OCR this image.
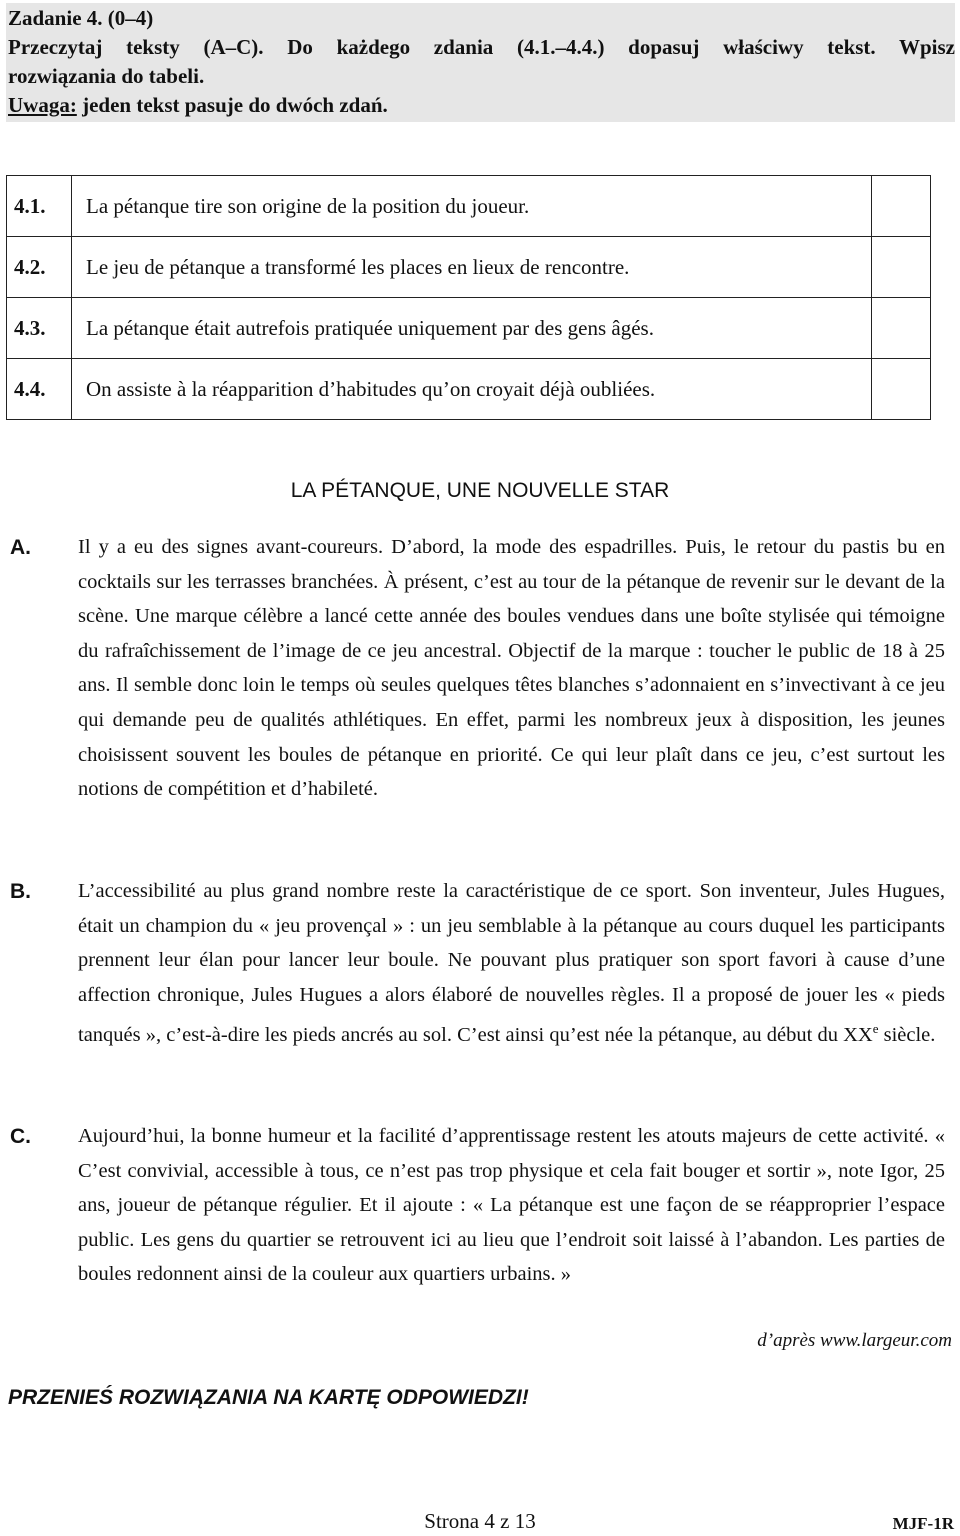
Zadanie 4. (0–4)
Przeczytaj teksty (A–C). Do każdego zdania (4.1.–4.4.) dopasuj właściwy tekst. Wpisz
rozwiązania do tabeli.
Uwaga: jeden tekst pasuje do dwóch zdań.
4.1.	La pétanque tire son origine de la position du joueur.	
4.2.	Le jeu de pétanque a transformé les places en lieux de rencontre.	
4.3.	La pétanque était autrefois pratiquée uniquement par des gens âgés.	
4.4.	On assiste à la réapparition d’habitudes qu’on croyait déjà oubliées.	
LA PÉTANQUE, UNE NOUVELLE STAR
A. Il y a eu des signes avant-coureurs. D’abord, la mode des espadrilles. Puis, le retour du pastis bu en cocktails sur les terrasses branchées. À présent, c’est au tour de la pétanque de revenir sur le devant de la scène. Une marque célèbre a lancé cette année des boules vendues dans une boîte stylisée qui témoigne du rafraîchissement de l’image de ce jeu ancestral. Objectif de la marque : toucher le public de 18 à 25 ans. Il semble donc loin le temps où seules quelques têtes blanches s’adonnaient en s’invectivant à ce jeu qui demande peu de qualités athlétiques. En effet, parmi les nombreux jeux à disposition, les jeunes choisissent souvent les boules de pétanque en priorité. Ce qui leur plaît dans ce jeu, c’est surtout les notions de compétition et d’habileté.
B. L’accessibilité au plus grand nombre reste la caractéristique de ce sport. Son inventeur, Jules Hugues, était un champion du « jeu provençal » : un jeu semblable à la pétanque au cours duquel les participants prennent leur élan pour lancer leur boule. Ne pouvant plus pratiquer son sport favori à cause d’une affection chronique, Jules Hugues a alors élaboré de nouvelles règles. Il a proposé de jouer les « pieds tanqués », c’est-à-dire les pieds ancrés au sol. C’est ainsi qu’est née la pétanque, au début du XXe siècle.
C. Aujourd’hui, la bonne humeur et la facilité d’apprentissage restent les atouts majeurs de cette activité. « C’est convivial, accessible à tous, ce n’est pas trop physique et cela fait bouger et sortir », note Igor, 25 ans, joueur de pétanque régulier. Et il ajoute : « La pétanque est une façon de se réapproprier l’espace public. Les gens du quartier se retrouvent ici au lieu que l’endroit soit laissé à l’abandon. Les parties de boules redonnent ainsi de la couleur aux quartiers urbains. »
d’après www.largeur.com
PRZENIEŚ ROZWIĄZANIA NA KARTĘ ODPOWIEDZI!
Strona 4 z 13	MJF-1R
